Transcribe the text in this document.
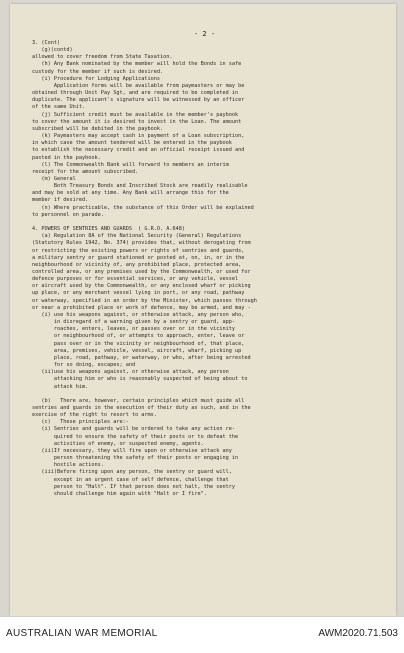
- 2 -
3. (Cont)
(g)(contd)
allowed to cover freedom from State Taxation.
(h) Any Bank nominated by the member will hold the Bonds in safe
custody for the member if such is desired.
(i) Procedure for Lodging Applications
Application forms will be available from paymasters or may be
obtained through Unit Pay Sgt, and are required to be completed in
duplicate. The applicant's signature will be witnessed by an officer
of the same Unit.
(j) Sufficient credit must be available in the member's paybook
to cover the amount it is desired to invest in the Loan. The amount
subscribed will be debited in the paybook.
(k) Paymasters may accept cash in payment of a Loan subscription,
in which case the amount tendered will be entered in the paybook
to establish the necessary credit and an official receipt issued and
pasted in the paybook.
(l) The Commonwealth Bank will forward to members an interim
receipt for the amount subscribed.
(m) General
Both Treasury Bonds and Inscribed Stock are readily realisable
and may be sold at any time. Any Bank will arrange this for the
member if desired.
(n) Where practicable, the substance of this Order will be explained
to personnel on parade.

4. POWERS OF SENTRIES AND GUARDS  ( G.R.O. A.648)
(a) Regulation 8A of the National Security (General) Regulations
(Statutory Rules 1942, No. 374) provides that, without derogating from
or restricting the existing powers or rights of sentries and guards,
a military sentry or guard stationed or posted at, on, in, or in the
neighbourhood or vicinity of, any prohibited place, protected area,
controlled area, or any premises used by the Commonwealth, or used for
defence purposes or for essential services, or any vehicle, vessel
or aircraft used by the Commonwealth, or any enclosed wharf or picking
up place, or any merchant vessel lying in port, or any road, pathway
or waterway, specified in an order by the Minister, which passes through
or near a prohibited place or work of defence, may be armed, and may -
(i) use his weapons against, or otherwise attack, any person who,
in disregard of a warning given by a sentry or guard, app-
roaches, enters, leaves, or passes over or in the vicinity
or neighbourhood of, or attempts to approach, enter, leave or
pass over or in the vicinity or neighbourhood of, that place,
area, premises, vehicle, vessel, aircraft, wharf, picking up
place, road, pathway, or waterway, or who, after being arrested
for so doing, escapes; and
(ii)use his weapons against, or otherwise attack, any person
attacking him or who is reasonably suspected of being about to
attack him.

(b)   There are, however, certain principles which must guide all
sentries and guards in the execution of their duty as such, and in the
exercise of the right to resort to arms.
(c)   These principles are:-
(i) Sentries and guards will be ordered to take any action re-
quired to ensure the safety of their posts or to defeat the
activities of enemy, or suspected enemy, agents.
(ii)If necessary, they will fire upon or otherwise attack any
person threatening the safety of their posts or engaging in
hostile actions.
(iii)Before firing upon any person, the sentry or guard will,
except in an urgent case of self defence, challenge that
person to "Halt". If that person does not halt, the sentry
should challenge him again with "Halt or I fire".
AUSTRALIAN WAR MEMORIAL	AWM2020.71.503
